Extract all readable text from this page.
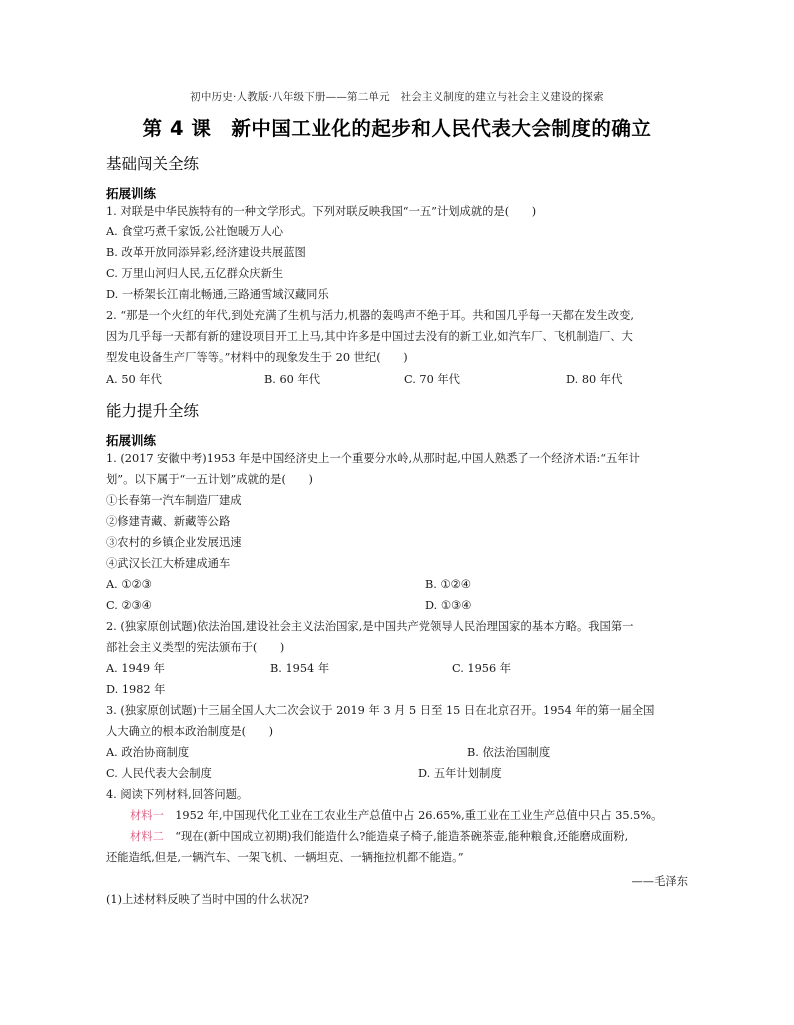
初中历史·人教版·八年级下册——第二单元　社会主义制度的建立与社会主义建设的探索
第 4 课　新中国工业化的起步和人民代表大会制度的确立
基础闯关全练
拓展训练
1. 对联是中华民族特有的一种文学形式。下列对联反映我国“一五”计划成就的是(　　)
A. 食堂巧煮千家饭,公社饱暖万人心
B. 改革开放同添异彩,经济建设共展蓝图
C. 万里山河归人民,五亿群众庆新生
D. 一桥架长江南北畅通,三路通雪域汉藏同乐
2. “那是一个火红的年代,到处充满了生机与活力,机器的轰鸣声不绝于耳。共和国几乎每一天都在发生改变,
因为几乎每一天都有新的建设项目开工上马,其中许多是中国过去没有的新工业,如汽车厂、飞机制造厂、大
型发电设备生产厂等等。”材料中的现象发生于 20 世纪(　　)
A. 50 年代	B. 60 年代	C. 70 年代	D. 80 年代
能力提升全练
拓展训练
1. (2017 安徽中考)1953 年是中国经济史上一个重要分水岭,从那时起,中国人熟悉了一个经济术语:“五年计
划”。以下属于“一五计划”成就的是(　　)
①长春第一汽车制造厂建成
②修建青藏、新藏等公路
③农村的乡镇企业发展迅速
④武汉长江大桥建成通车
A. ①②③	B. ①②④
C. ②③④	D. ①③④
2. (独家原创试题)依法治国,建设社会主义法治国家,是中国共产党领导人民治理国家的基本方略。我国第一
部社会主义类型的宪法颁布于(　　)
A. 1949 年	B. 1954 年	C. 1956 年
D. 1982 年
3. (独家原创试题)十三届全国人大二次会议于 2019 年 3 月 5 日至 15 日在北京召开。1954 年的第一届全国
人大确立的根本政治制度是(　　)
A. 政治协商制度	B. 依法治国制度
C. 人民代表大会制度	D. 五年计划制度
4. 阅读下列材料,回答问题。
材料一　1952 年,中国现代化工业在工农业生产总值中占 26.65%,重工业在工业生产总值中只占 35.5%。
材料二　“现在(新中国成立初期)我们能造什么?能造桌子椅子,能造茶碗茶壶,能种粮食,还能磨成面粉,
还能造纸,但是,一辆汽车、一架飞机、一辆坦克、一辆拖拉机都不能造。”
——毛泽东
(1)上述材料反映了当时中国的什么状况?
